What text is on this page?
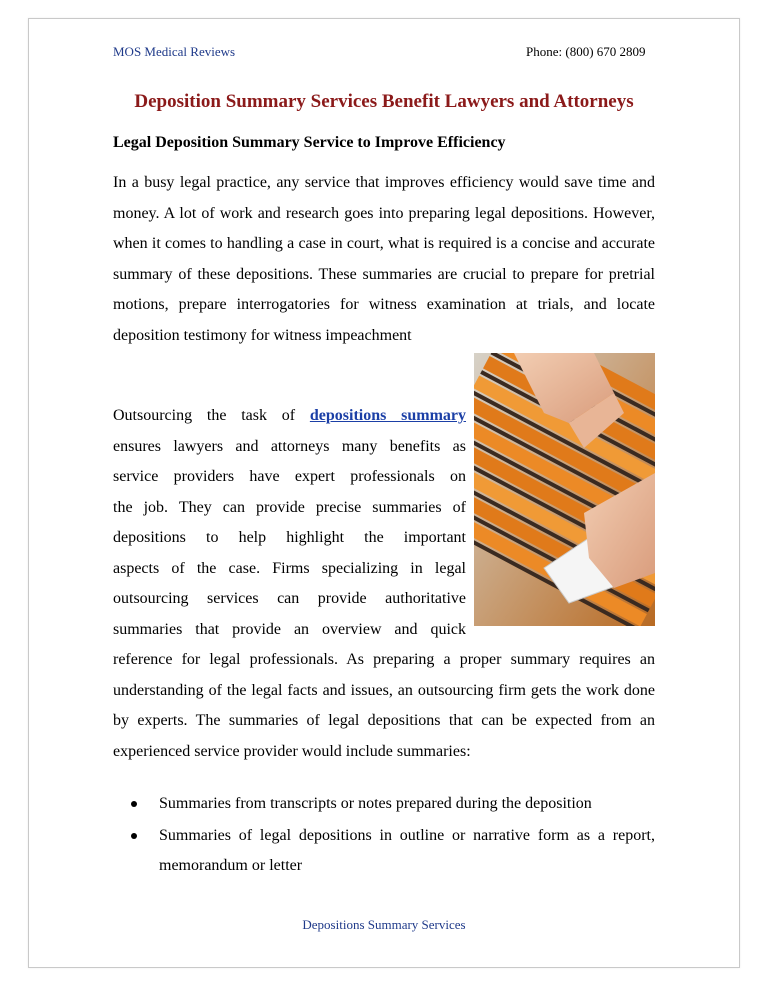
MOS Medical Reviews	Phone: (800) 670 2809
Deposition Summary Services Benefit Lawyers and Attorneys
Legal Deposition Summary Service to Improve Efficiency

In a busy legal practice, any service that improves efficiency would save time and money. A lot of work and research goes into preparing legal depositions. However, when it comes to handling a case in court, what is required is a concise and accurate summary of these depositions. These summaries are crucial to prepare for pretrial motions, prepare interrogatories for witness examination at trials, and locate deposition testimony for witness impeachment

Outsourcing the task of depositions summary

ensures lawyers and attorneys many benefits as

service providers have expert professionals on

the job. They can provide precise summaries of

depositions to help highlight the important

aspects of the case. Firms specializing in legal

outsourcing services can provide authoritative

summaries that provide an overview and quick

reference for legal professionals. As preparing a proper summary requires an understanding of the legal facts and issues, an outsourcing firm gets the work done by experts. The summaries of legal depositions that can be expected from an experienced service provider would include summaries:

Summaries from transcripts or notes prepared during the deposition
Summaries of legal depositions in outline or narrative form as a report, memorandum or letter
Depositions Summary Services
